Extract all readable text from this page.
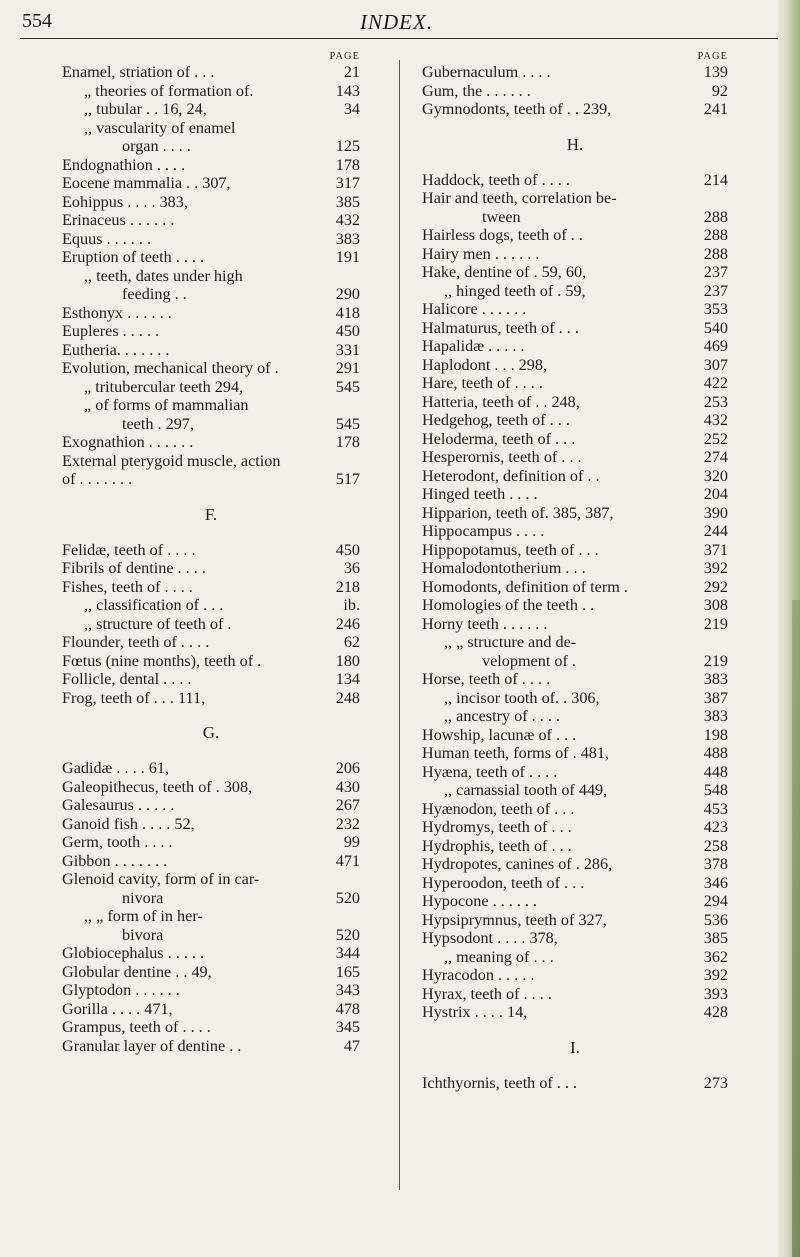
554	INDEX.
PAGE
Enamel, striation of . . .	21
„ theories of formation of.	143
,, tubular . . 16, 24,	34
,, vascularity of enamel
organ . . . .	125
Endognathion . . . .	178
Eocene mammalia . . 307,	317
Eohippus . . . . 383,	385
Erinaceus . . . . . .	432
Equus . . . . . .	383
Eruption of teeth . . . .	191
,, teeth, dates under high
feeding . .	290
Esthonyx . . . . . .	418
Eupleres . . . . .	450
Eutheria. . . . . . .	331
Evolution, mechanical theory of .	291
„ tritubercular teeth 294,	545
„ of forms of mammalian
teeth . 297,	545
Exognathion . . . . . .	178
External pterygoid muscle, action
of . . . . . . .	517
F.
Felidæ, teeth of . . . .	450
Fibrils of dentine . . . .	36
Fishes, teeth of . . . .	218
,, classification of . . .	ib.
,, structure of teeth of .	246
Flounder, teeth of . . . .	62
Fœtus (nine months), teeth of .	180
Follicle, dental . . . .	134
Frog, teeth of . . . 111,	248
G.
Gadidæ . . . . 61,	206
Galeopithecus, teeth of . 308,	430
Galesaurus . . . . .	267
Ganoid fish . . . . 52,	232
Germ, tooth . . . .	99
Gibbon . . . . . . .	471
Glenoid cavity, form of in car-
nivora	520
,, „ form of in her-
bivora	520
Globiocephalus . . . . .	344
Globular dentine . . 49,	165
Glyptodon . . . . . .	343
Gorilla . . . . 471,	478
Grampus, teeth of . . . .	345
Granular layer of dentine . .	47
PAGE
Gubernaculum . . . .	139
Gum, the . . . . . .	92
Gymnodonts, teeth of . . 239,	241
H.
Haddock, teeth of . . . .	214
Hair and teeth, correlation be-
tween	288
Hairless dogs, teeth of . .	288
Hairy men . . . . . .	288
Hake, dentine of . 59, 60,	237
,, hinged teeth of . 59,	237
Halicore . . . . . .	353
Halmaturus, teeth of . . .	540
Hapalidæ . . . . .	469
Haplodont . . . 298,	307
Hare, teeth of . . . .	422
Hatteria, teeth of . . 248,	253
Hedgehog, teeth of . . .	432
Heloderma, teeth of . . .	252
Hesperornis, teeth of . . .	274
Heterodont, definition of . .	320
Hinged teeth . . . .	204
Hipparion, teeth of. 385, 387,	390
Hippocampus . . . .	244
Hippopotamus, teeth of . . .	371
Homalodontotherium . . .	392
Homodonts, definition of term .	292
Homologies of the teeth . .	308
Horny teeth . . . . . .	219
,, „ structure and de-
velopment of .	219
Horse, teeth of . . . .	383
,, incisor tooth of. . 306,	387
,, ancestry of . . . .	383
Howship, lacunæ of . . .	198
Human teeth, forms of . 481,	488
Hyæna, teeth of . . . .	448
,, carnassial tooth of 449,	548
Hyænodon, teeth of . . .	453
Hydromys, teeth of . . .	423
Hydrophis, teeth of . . .	258
Hydropotes, canines of . 286,	378
Hyperoodon, teeth of . . .	346
Hypocone . . . . . .	294
Hypsiprymnus, teeth of 327,	536
Hypsodont . . . . 378,	385
,, meaning of . . .	362
Hyracodon . . . . .	392
Hyrax, teeth of . . . .	393
Hystrix . . . . 14,	428
I.
Ichthyornis, teeth of . . .	273
